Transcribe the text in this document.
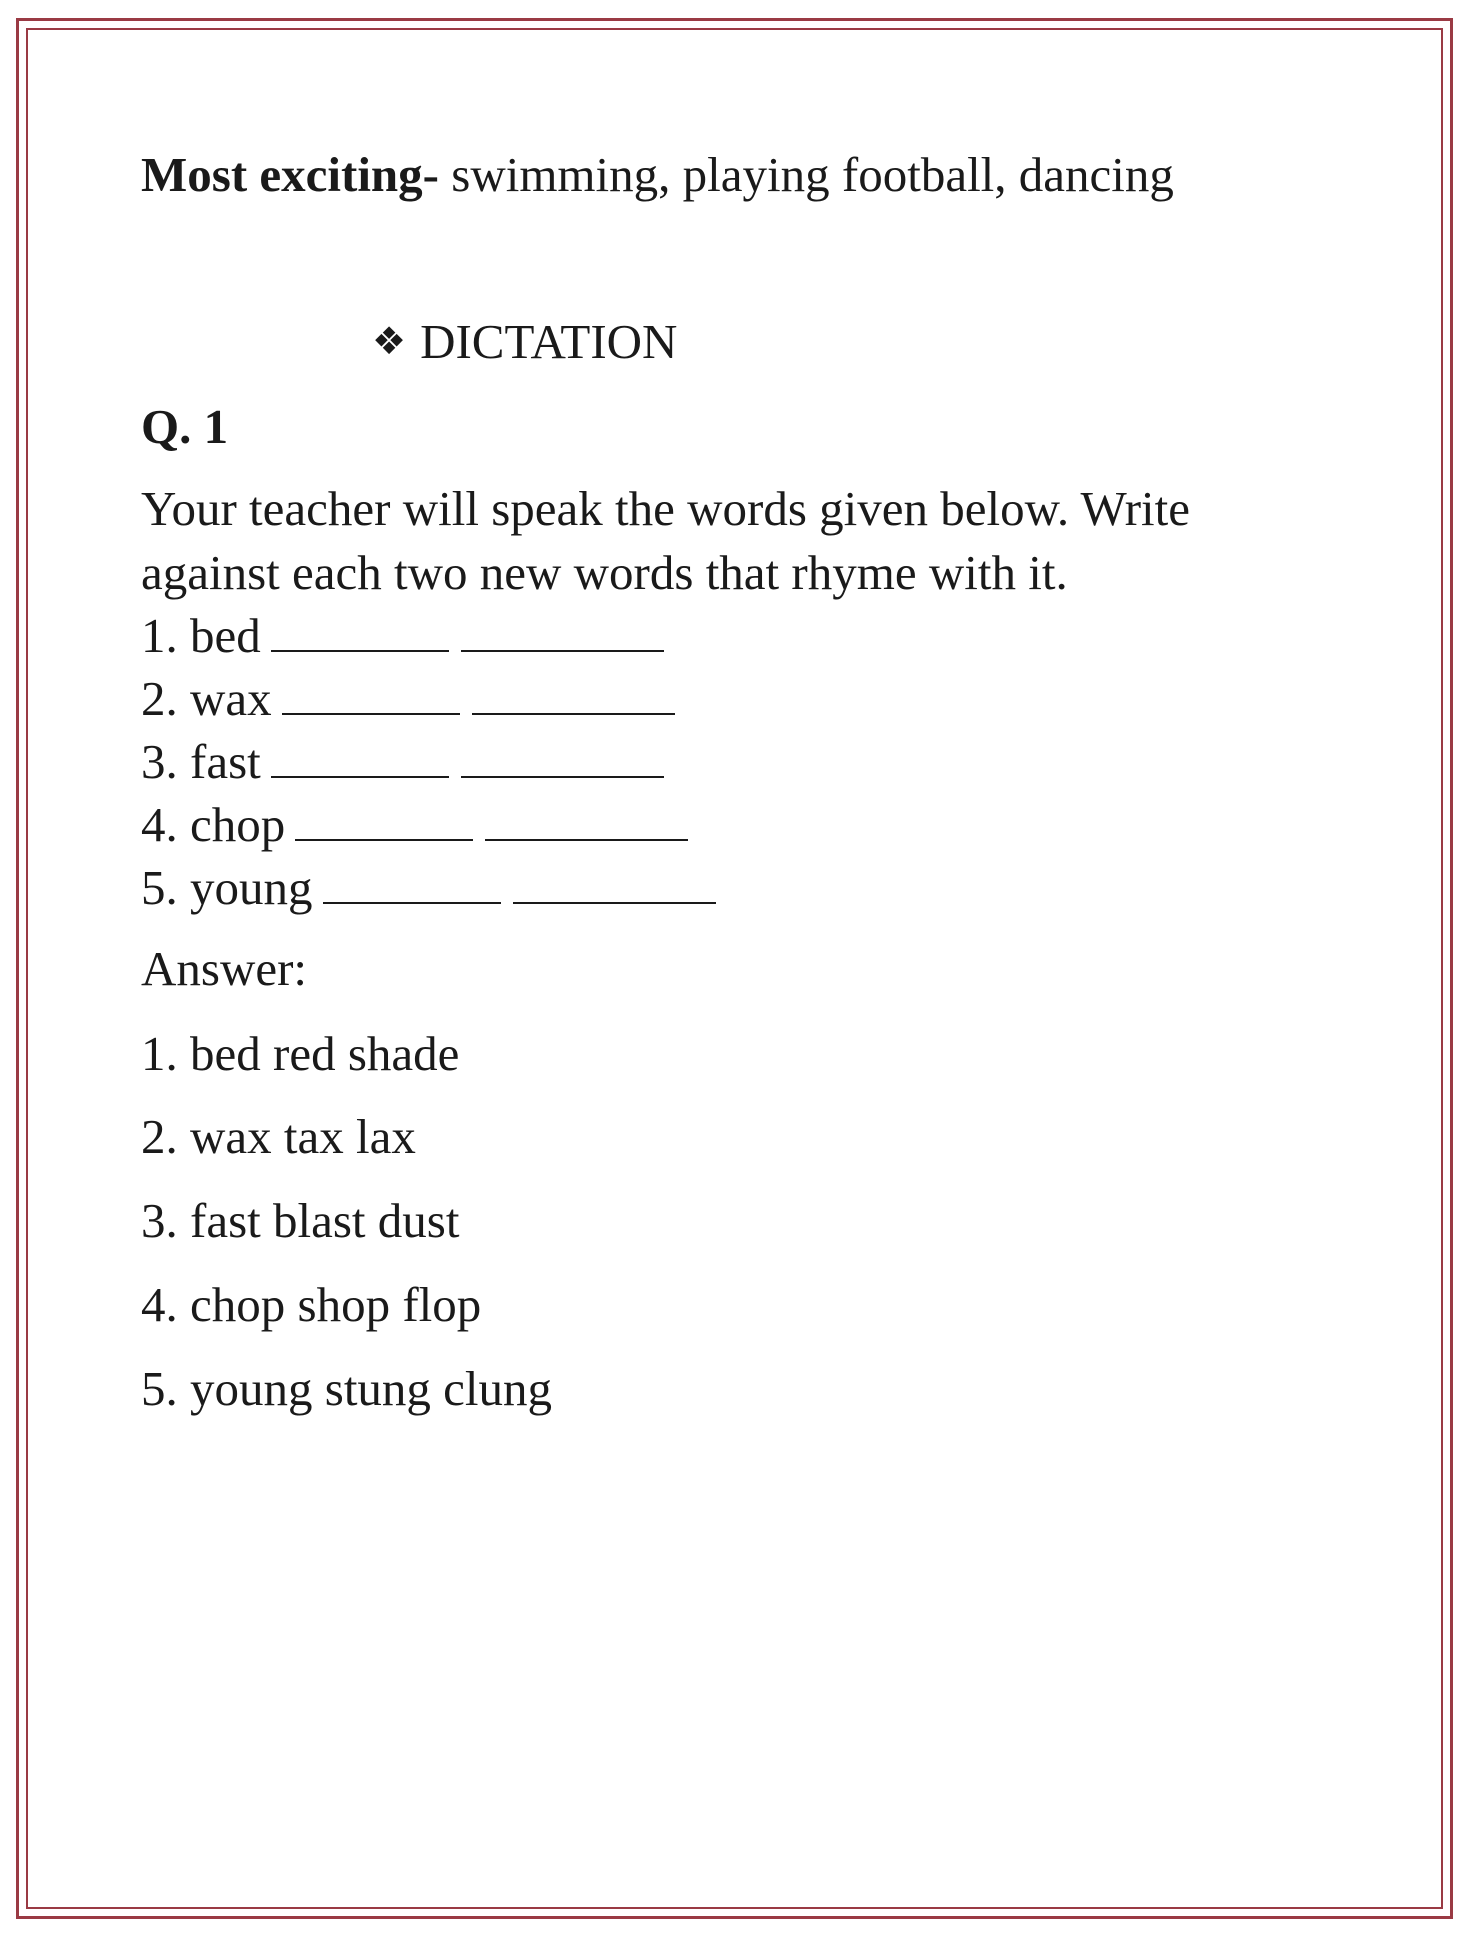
Most exciting- swimming, playing football, dancing
❖ DICTATION
Q. 1
Your teacher will speak the words given below. Write
against each two new words that rhyme with it.
1. bed
2. wax
3. fast
4. chop
5. young
Answer:
1. bed red shade
2. wax tax lax
3. fast blast dust
4. chop shop flop
5. young stung clung
